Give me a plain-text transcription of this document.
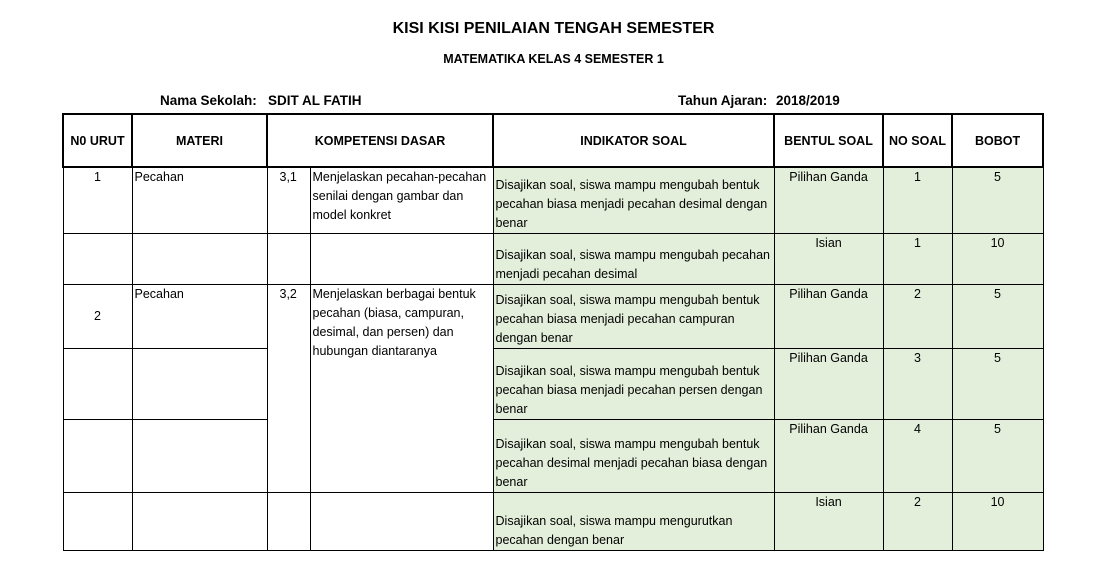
KISI KISI PENILAIAN TENGAH SEMESTER
MATEMATIKA KELAS 4 SEMESTER 1
Nama Sekolah: SDIT AL FATIH	Tahun Ajaran: 2018/2019
N0 URUT	MATERI	KOMPETENSI DASAR		INDIKATOR SOAL	BENTUL SOAL	NO SOAL	BOBOT
1	Pecahan	3,1	Menjelaskan pecahan-pecahan senilai dengan gambar dan model konkret	Disajikan soal, siswa mampu mengubah bentuk pecahan biasa menjadi pecahan desimal dengan benar	Pilihan Ganda	1	5
				Disajikan soal, siswa mampu mengubah pecahan menjadi pecahan desimal	Isian	1	10
2	Pecahan	3,2	Menjelaskan berbagai bentuk pecahan (biasa, campuran, desimal, dan persen) dan hubungan diantaranya	Disajikan soal, siswa mampu mengubah bentuk pecahan biasa menjadi pecahan campuran dengan benar	Pilihan Ganda	2	5
				Disajikan soal, siswa mampu mengubah bentuk pecahan biasa menjadi pecahan persen dengan benar	Pilihan Ganda	3	5
				Disajikan soal, siswa mampu mengubah bentuk pecahan desimal menjadi pecahan biasa dengan benar	Pilihan Ganda	4	5
				Disajikan soal, siswa mampu mengurutkan pecahan dengan benar	Isian	2	10
